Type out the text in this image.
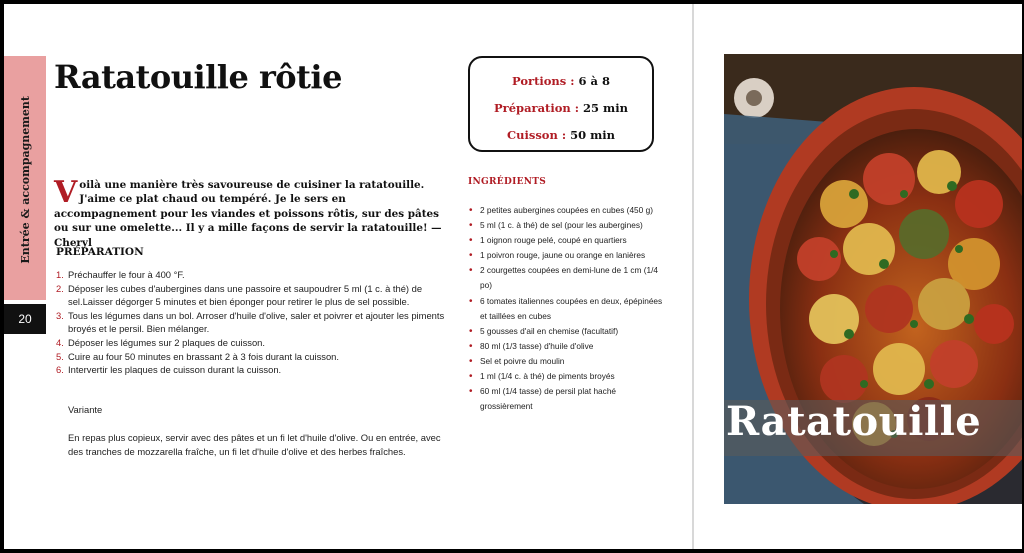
Entrée & accompagnement
20
Ratatouille rôtie	Portions : 6 à 8
Préparation : 25 min
Cuisson : 50 min
Voilà une manière très savoureuse de cuisiner la ratatouille. J'aime ce plat chaud ou tempéré. Je le sers en accompagnement pour les viandes et poissons rôtis, sur des pâtes ou sur une omelette... Il y a mille façons de servir la ratatouille! — Cheryl
PRÉPARATION
1. Préchauffer le four à 400 °F.
2. Déposer les cubes d'aubergines dans une passoire et saupoudrer 5 ml (1 c. à thé) de sel.Laisser dégorger 5 minutes et bien éponger pour retirer le plus de sel possible.
3. Tous les légumes dans un bol. Arroser d'huile d'olive, saler et poivrer et ajouter les piments broyés et le persil. Bien mélanger.
4. Déposer les légumes sur 2 plaques de cuisson.
5. Cuire au four 50 minutes en brassant 2 à 3 fois durant la cuisson.
6. Intervertir les plaques de cuisson durant la cuisson.
Variante
En repas plus copieux, servir avec des pâtes et un fi let d'huile d'olive. Ou en entrée, avec des tranches de mozzarella fraîche, un fi let d'huile d'olive et des herbes fraîches.
INGRÉDIENTS
• 2 petites aubergines coupées en cubes (450 g)
• 5 ml (1 c. à thé) de sel (pour les aubergines)
• 1 oignon rouge pelé, coupé en quartiers
• 1 poivron rouge, jaune ou orange en lanières
• 2 courgettes coupées en demi-lune de 1 cm (1/4 po)
• 6 tomates italiennes coupées en deux, épépinées et taillées en cubes
• 5 gousses d'ail en chemise (facultatif)
• 80 ml (1/3 tasse) d'huile d'olive
• Sel et poivre du moulin
• 1 ml (1/4 c. à thé) de piments broyés
• 60 ml (1/4 tasse) de persil plat haché grossièrement	Ratatouille
